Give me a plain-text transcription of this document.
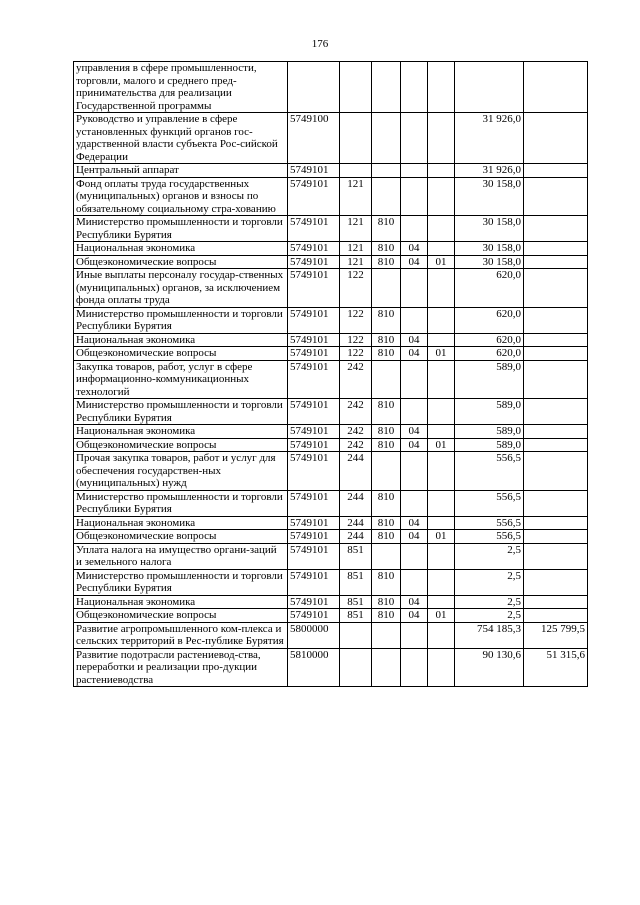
176
управления в сфере промышленности, торговли, малого и среднего пред-принимательства для реализации Государственной программы							
Руководство и управление в сфере установленных функций органов гос-ударственной власти субъекта Рос-сийской Федерации	5749100					31 926,0	
Центральный аппарат	5749101					31 926,0	
Фонд оплаты труда государственных (муниципальных) органов и взносы по обязательному социальному стра-хованию	5749101	121				30 158,0	
Министерство промышленности и торговли Республики Бурятия	5749101	121	810			30 158,0	
Национальная экономика	5749101	121	810	04		30 158,0	
Общеэкономические вопросы	5749101	121	810	04	01	30 158,0	
Иные выплаты персоналу государ-ственных (муниципальных) органов, за исключением фонда оплаты труда	5749101	122				620,0	
Министерство промышленности и торговли Республики Бурятия	5749101	122	810			620,0	
Национальная экономика	5749101	122	810	04		620,0	
Общеэкономические вопросы	5749101	122	810	04	01	620,0	
Закупка товаров, работ, услуг в сфере информационно-коммуникационных технологий	5749101	242				589,0	
Министерство промышленности и торговли Республики Бурятия	5749101	242	810			589,0	
Национальная экономика	5749101	242	810	04		589,0	
Общеэкономические вопросы	5749101	242	810	04	01	589,0	
Прочая закупка товаров, работ и услуг для обеспечения государствен-ных (муниципальных) нужд	5749101	244				556,5	
Министерство промышленности и торговли Республики Бурятия	5749101	244	810			556,5	
Национальная экономика	5749101	244	810	04		556,5	
Общеэкономические вопросы	5749101	244	810	04	01	556,5	
Уплата налога на имущество органи-заций и земельного налога	5749101	851				2,5	
Министерство промышленности и торговли Республики Бурятия	5749101	851	810			2,5	
Национальная экономика	5749101	851	810	04		2,5	
Общеэкономические вопросы	5749101	851	810	04	01	2,5	
Развитие агропромышленного ком-плекса и сельских территорий в Рес-публике Бурятия	5800000					754 185,3	125 799,5
Развитие подотрасли растениевод-ства, переработки и реализации про-дукции растениеводства	5810000					90 130,6	51 315,6
